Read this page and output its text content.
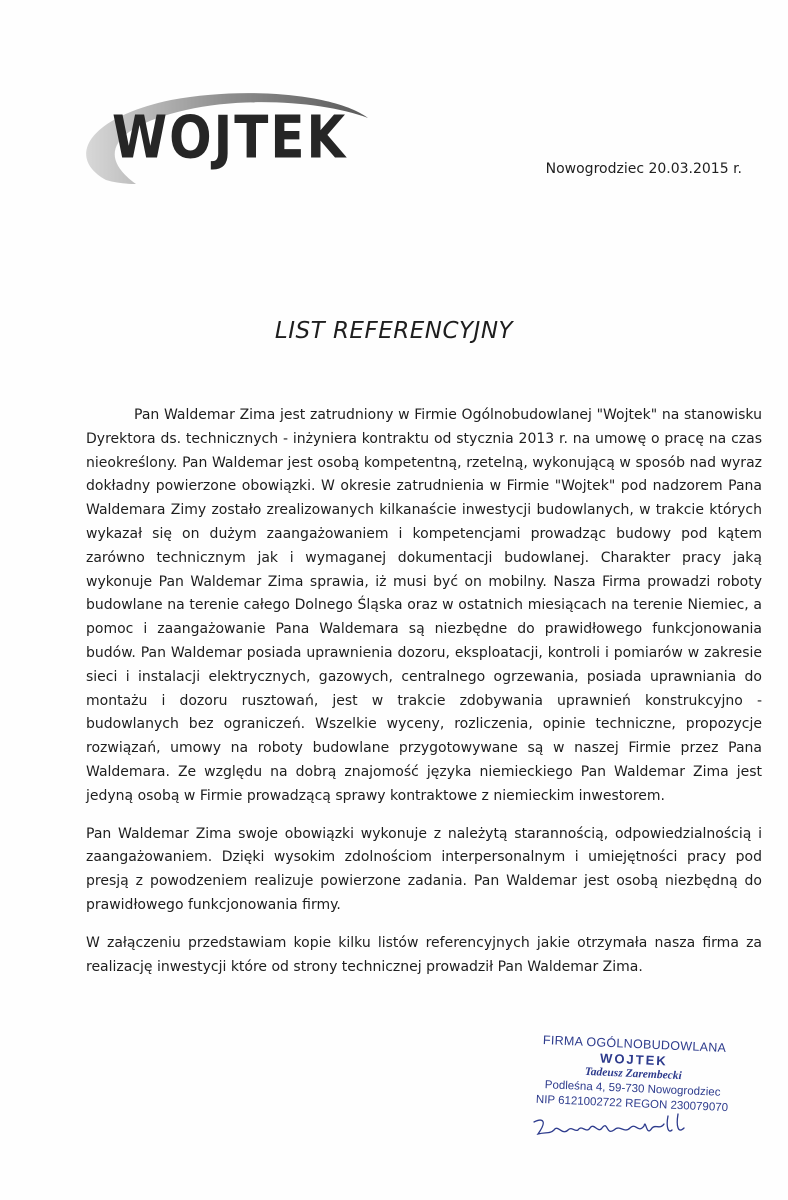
WOJTEK	Nowogrodziec 20.03.2015 r.
LIST REFERENCYJNY

Pan Waldemar Zima jest zatrudniony w Firmie Ogólnobudowlanej "Wojtek" na stanowisku Dyrektora ds. technicznych - inżyniera kontraktu od stycznia 2013 r. na umowę o pracę na czas nieokreślony. Pan Waldemar jest osobą kompetentną, rzetelną, wykonującą w sposób nad wyraz dokładny powierzone obowiązki. W okresie zatrudnienia w Firmie "Wojtek" pod nadzorem Pana Waldemara Zimy zostało zrealizowanych kilkanaście inwestycji budowlanych, w trakcie których wykazał się on dużym zaangażowaniem i kompetencjami prowadząc budowy pod kątem zarówno technicznym jak i wymaganej dokumentacji budowlanej. Charakter pracy jaką wykonuje Pan Waldemar Zima sprawia, iż musi być on mobilny. Nasza Firma prowadzi roboty budowlane na terenie całego Dolnego Śląska oraz w ostatnich miesiącach na terenie Niemiec, a pomoc i zaangażowanie Pana Waldemara są niezbędne do prawidłowego funkcjonowania budów. Pan Waldemar posiada uprawnienia dozoru, eksploatacji, kontroli i pomiarów w zakresie sieci i instalacji elektrycznych, gazowych, centralnego ogrzewania, posiada uprawniania do montażu i dozoru rusztowań, jest w trakcie zdobywania uprawnień konstrukcyjno - budowlanych bez ograniczeń. Wszelkie wyceny, rozliczenia, opinie techniczne, propozycje rozwiązań, umowy na roboty budowlane przygotowywane są w naszej Firmie przez Pana Waldemara. Ze względu na dobrą znajomość języka niemieckiego Pan Waldemar Zima jest jedyną osobą w Firmie prowadzącą sprawy kontraktowe z niemieckim inwestorem.

Pan Waldemar Zima swoje obowiązki wykonuje z należytą starannością, odpowiedzialnością i zaangażowaniem. Dzięki wysokim zdolnościom interpersonalnym i umiejętności pracy pod presją z powodzeniem realizuje powierzone zadania. Pan Waldemar jest osobą niezbędną do prawidłowego funkcjonowania firmy.

W załączeniu przedstawiam kopie kilku listów referencyjnych jakie otrzymała nasza firma za realizację inwestycji które od strony technicznej prowadził Pan Waldemar Zima.

FIRMA OGÓLNOBUDOWLANA
WOJTEK
Tadeusz Zarembecki
Podleśna 4, 59-730 Nowogrodziec
NIP 6121002722 REGON 230079070
